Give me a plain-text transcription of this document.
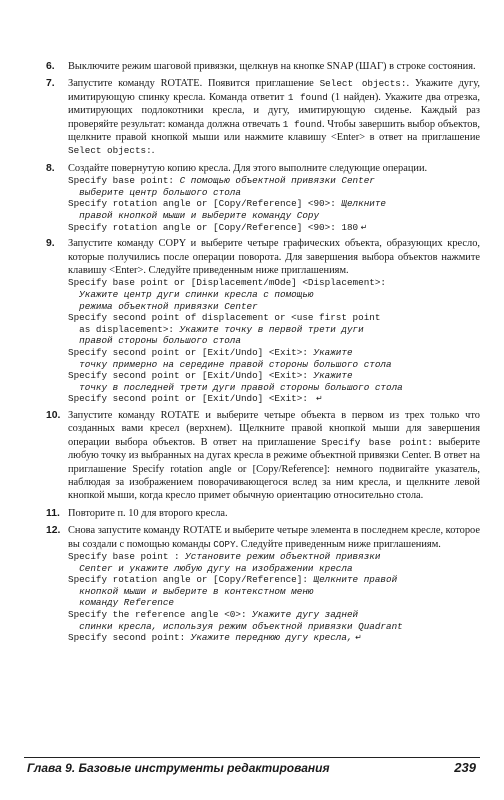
6. Выключите режим шаговой привязки, щелкнув на кнопке SNAP (ШАГ) в строке состояния.
7. Запустите команду ROTATE. Появится приглашение Select objects:. Укажите дугу, имитирующую спинку кресла. Команда ответит 1 found (1 найден). Укажите два отрезка, имитирующих подлокотники кресла, и дугу, имитирующую сиденье. Каждый раз проверяйте результат: команда должна отвечать 1 found. Чтобы завершить выбор объектов, щелкните правой кнопкой мыши или нажмите клавишу <Enter> в ответ на приглашение Select objects:.
8. Создайте повернутую копию кресла. Для этого выполните следующие операции.
Specify base point: С помощью объектной привязки Center
выберите центр большого стола
Specify rotation angle or [Copy/Reference] <90>: Щелкните
правой кнопкой мыши и выберите команду Copy
Specify rotation angle or [Copy/Reference] <90>: 180 ↵
9. Запустите команду COPY и выберите четыре графических объекта, образующих кресло, которые получились после операции поворота. Для завершения выбора объектов нажмите клавишу <Enter>. Следуйте приведенным ниже приглашениям.
Specify base point or [Displacement/mOde] <Displacement>:
Укажите центр дуги спинки кресла с помощью
режима объектной привязки Center
Specify second point of displacement or <use first point
as displacement>: Укажите точку в первой трети дуги
правой стороны большого стола
Specify second point or [Exit/Undo] <Exit>: Укажите
точку примерно на середине правой стороны большого стола
Specify second point or [Exit/Undo] <Exit>: Укажите
точку в последней трети дуги правой стороны большого стола
Specify second point or [Exit/Undo] <Exit>:  ↵
10. Запустите команду ROTATE и выберите четыре объекта в первом из трех только что созданных вами кресел (верхнем). Щелкните правой кнопкой мыши для завершения операции выбора объектов. В ответ на приглашение Specify base point: выберите любую точку из выбранных на дугах кресла в режиме объектной привязки Center. В ответ на приглашение Specify rotation angle or [Copy/Reference]: немного подвигайте указатель, наблюдая за изображением поворачивающегося вслед за ним кресла, и щелкните левой кнопкой мыши, когда кресло примет обычную ориентацию относительно стола.
11. Повторите п. 10 для второго кресла.
12. Снова запустите команду ROTATE и выберите четыре элемента в последнем кресле, которое вы создали с помощью команды COPY. Следуйте приведенным ниже приглашениям.
Specify base point : Установите режим объектной привязки
Center и укажите любую дугу на изображении кресла
Specify rotation angle or [Copy/Reference]: Щелкните правой
кнопкой мыши и выберите в контекстном меню
команду Reference
Specify the reference angle <0>: Укажите дугу задней
спинки кресла, используя режим объектной привязки Quadrant
Specify second point: Укажите переднюю дугу кресла, ↵
Глава 9. Базовые инструменты редактирования	239
